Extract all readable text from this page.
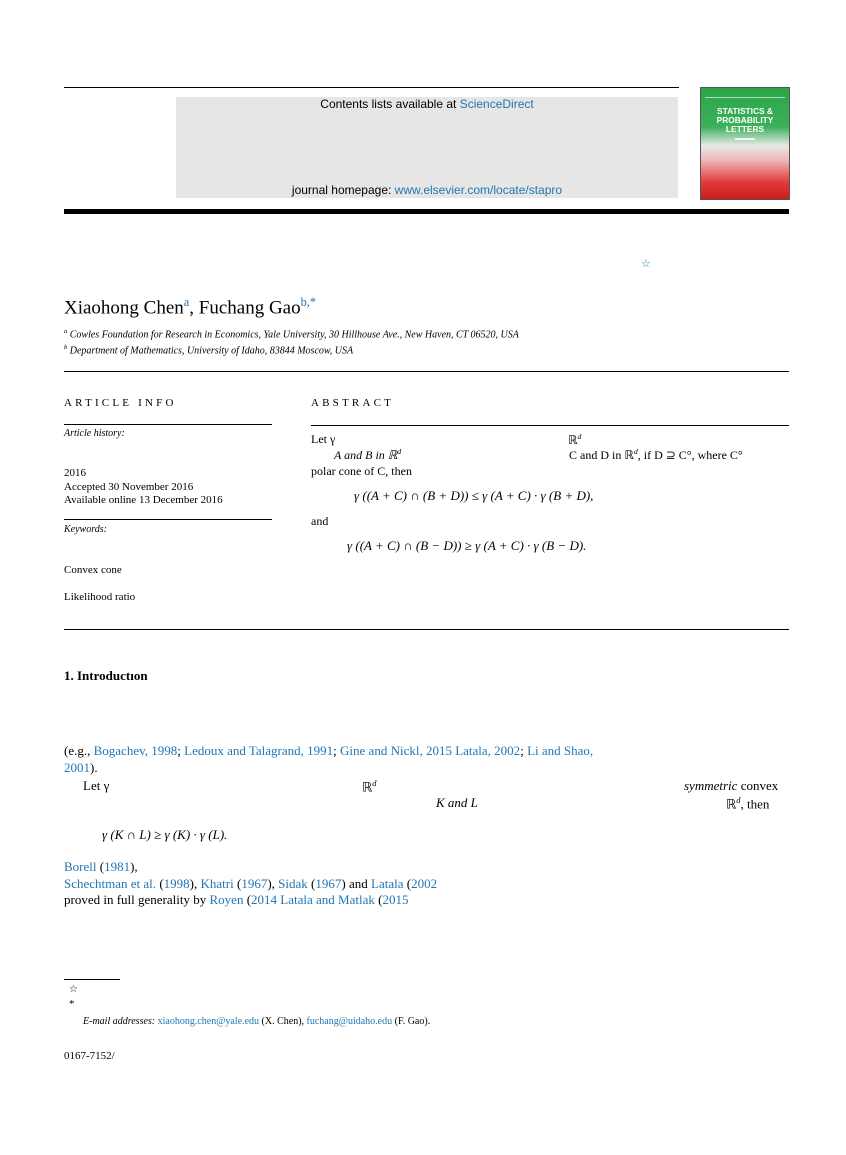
Contents lists available at ScienceDirect
journal homepage: www.elsevier.com/locate/stapro
STATISTICS &
PROBABILITY
LETTERS
☆
Xiaohong Chen$^a$, Fuchang Gao$^{b,*}$
$^a$ Cowles Foundation for Research in Economics, Yale University, 30 Hillhouse Ave., New Haven, CT 06520, USA
$^b$ Department of Mathematics, University of Idaho, 83844 Moscow, USA
ARTICLE INFO
Article history:
2016
Accepted 30 November 2016
Available online 13 December 2016
Keywords:
Convex cone
Likelihood ratio
ABSTRACT
Let γ	ℝ$^d$
A and B in ℝ$^d$	C and D in ℝ$^d$, if D ⊇ C°, where C°
polar cone of C, then
γ ((A + C) ∩ (B + D)) ≤ γ (A + C) · γ (B + D),
and
γ ((A + C) ∩ (B − D)) ≥ γ (A + C) · γ (B − D).
1. Introductıon
(e.g., Bogachev, 1998; Ledoux and Talagrand, 1991; Gine and Nickl, 2015 Latala, 2002; Li and Shao,
2001).
Let γ	ℝ$^d$	symmetric convex
K and L	ℝ$^d$, then
γ (K ∩ L) ≥ γ (K) · γ (L).
Borell (1981),
Schechtman et al. (1998), Khatri (1967), Sidak (1967) and Latala (2002
proved in full generality by Royen (2014 Latala and Matlak (2015
☆
*
E-mail addresses: xiaohong.chen@yale.edu (X. Chen), fuchang@uidaho.edu (F. Gao).
0167-7152/
